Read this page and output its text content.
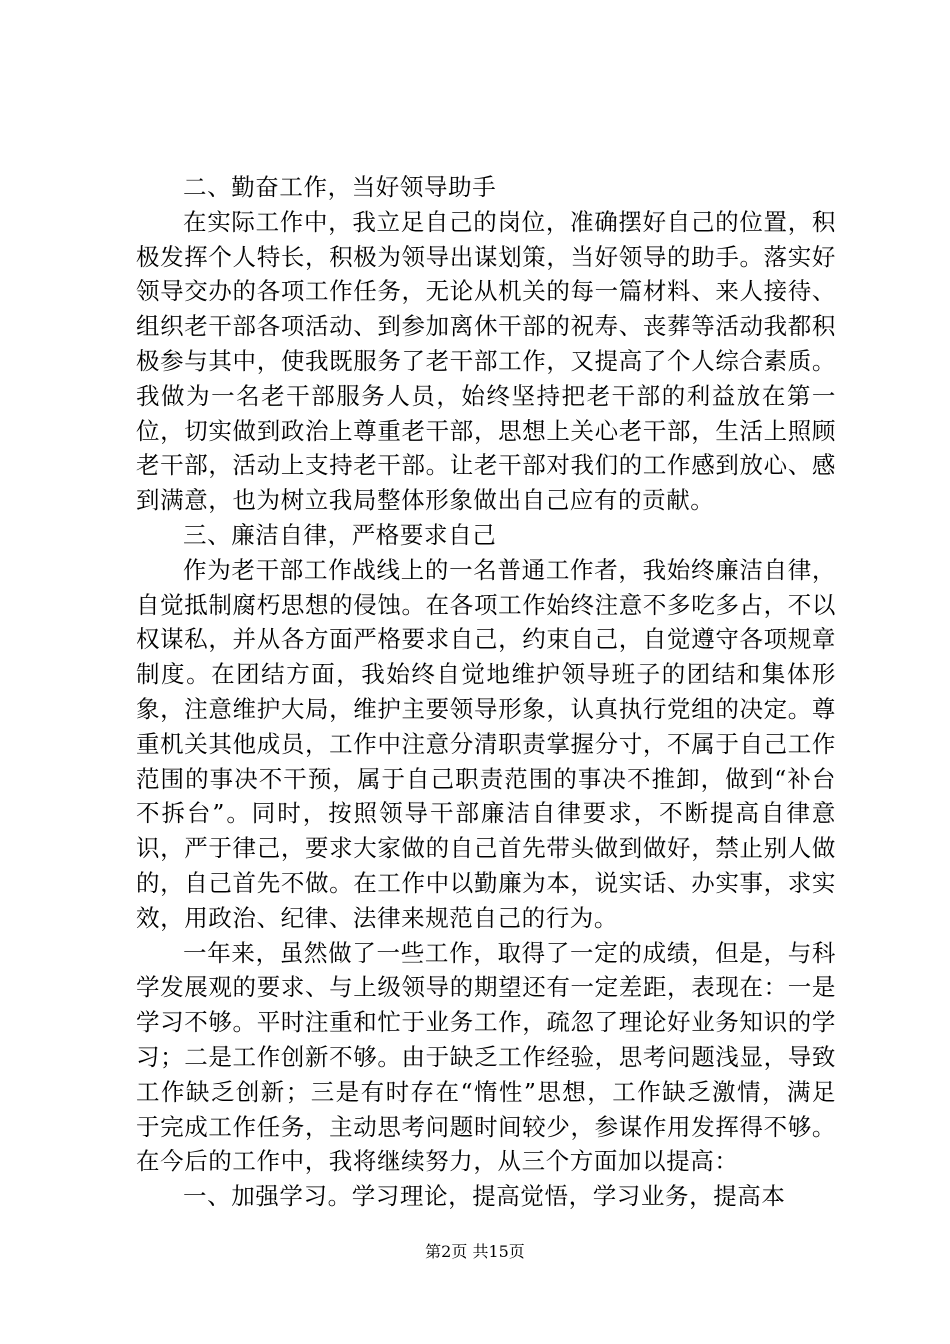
二、勤奋工作，当好领导助手

在实际工作中，我立足自己的岗位，准确摆好自己的位置，积极发挥个人特长，积极为领导出谋划策，当好领导的助手。落实好领导交办的各项工作任务，无论从机关的每一篇材料、来人接待、组织老干部各项活动、到参加离休干部的祝寿、丧葬等活动我都积极参与其中，使我既服务了老干部工作，又提高了个人综合素质。我做为一名老干部服务人员，始终坚持把老干部的利益放在第一位，切实做到政治上尊重老干部，思想上关心老干部，生活上照顾老干部，活动上支持老干部。让老干部对我们的工作感到放心、感到满意，也为树立我局整体形象做出自己应有的贡献。

三、廉洁自律，严格要求自己

作为老干部工作战线上的一名普通工作者，我始终廉洁自律，自觉抵制腐朽思想的侵蚀。在各项工作始终注意不多吃多占，不以权谋私，并从各方面严格要求自己，约束自己，自觉遵守各项规章制度。在团结方面，我始终自觉地维护领导班子的团结和集体形象，注意维护大局，维护主要领导形象，认真执行党组的决定。尊重机关其他成员，工作中注意分清职责掌握分寸，不属于自己工作范围的事决不干预，属于自己职责范围的事决不推卸，做到“补台不拆台”。同时，按照领导干部廉洁自律要求，不断提高自律意识，严于律己，要求大家做的自己首先带头做到做好，禁止别人做的，自己首先不做。在工作中以勤廉为本，说实话、办实事，求实效，用政治、纪律、法律来规范自己的行为。

一年来，虽然做了一些工作，取得了一定的成绩，但是，与科学发展观的要求、与上级领导的期望还有一定差距，表现在：一是学习不够。平时注重和忙于业务工作，疏忽了理论好业务知识的学习；二是工作创新不够。由于缺乏工作经验，思考问题浅显，导致工作缺乏创新；三是有时存在“惰性”思想，工作缺乏激情，满足于完成工作任务，主动思考问题时间较少，参谋作用发挥得不够。在今后的工作中，我将继续努力，从三个方面加以提高：

一、加强学习。学习理论，提高觉悟，学习业务，提高本

第2页 共15页
